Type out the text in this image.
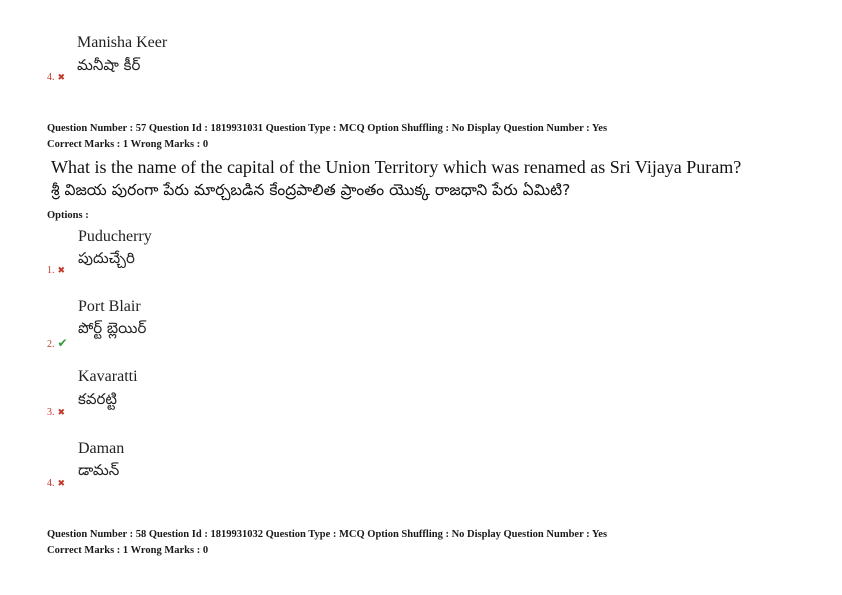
Manisha Keer
మనీషా కీర్
4. ✖
Question Number : 57 Question Id : 1819931031 Question Type : MCQ Option Shuffling : No Display Question Number : Yes
Correct Marks : 1 Wrong Marks : 0
What is the name of the capital of the Union Territory which was renamed as Sri Vijaya Puram?
శ్రీ విజయ పురంగా పేరు మార్చబడిన కేంద్రపాలిత ప్రాంతం యొక్క రాజధాని పేరు ఏమిటి?
Options :
Puducherry
పుదుచ్చేరి
1. ✖
Port Blair
పోర్ట్ బ్లెయిర్
2. ✔
Kavaratti
కవరట్టి
3. ✖
Daman
డామన్
4. ✖
Question Number : 58 Question Id : 1819931032 Question Type : MCQ Option Shuffling : No Display Question Number : Yes
Correct Marks : 1 Wrong Marks : 0
